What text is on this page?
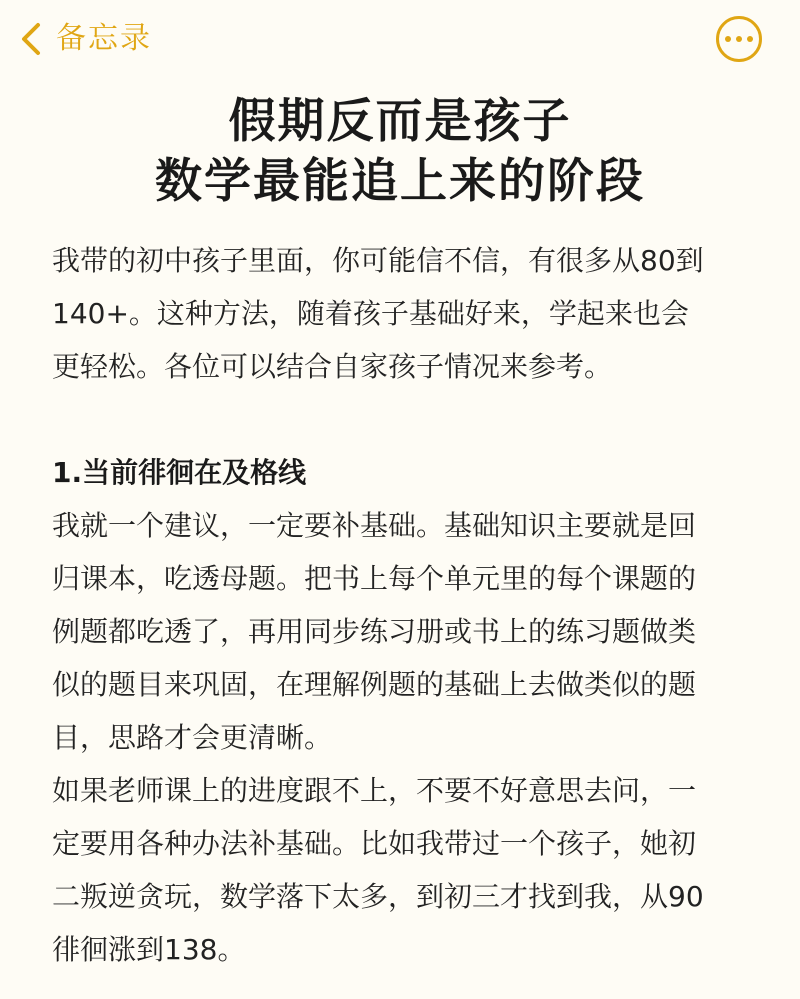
备忘录
假期反而是孩子
数学最能追上来的阶段

我带的初中孩子里面，你可能信不信，有很多从80到

140+。这种方法，随着孩子基础好来，学起来也会

更轻松。各位可以结合自家孩子情况来参考。

1.当前徘徊在及格线

我就一个建议，一定要补基础。基础知识主要就是回

归课本，吃透母题。把书上每个单元里的每个课题的

例题都吃透了，再用同步练习册或书上的练习题做类

似的题目来巩固，在理解例题的基础上去做类似的题

目，思路才会更清晰。

如果老师课上的进度跟不上，不要不好意思去问，一

定要用各种办法补基础。比如我带过一个孩子，她初

二叛逆贪玩，数学落下太多，到初三才找到我，从90

徘徊涨到138。
